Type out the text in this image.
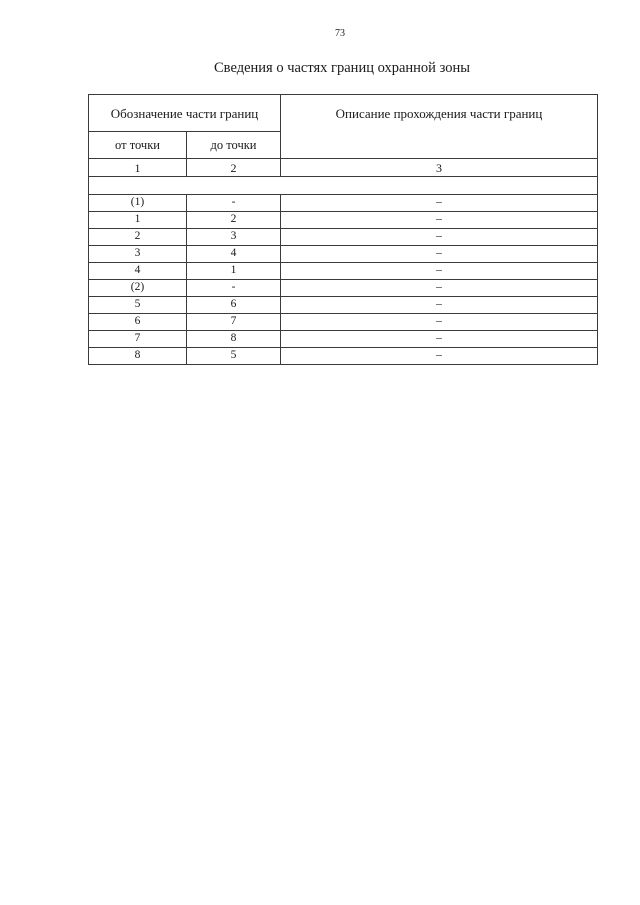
73
Сведения о частях границ охранной зоны
Обозначение части границ		Описание прохождения части границ
от точки	до точки	
1	2	3

(1)	-	–
1	2	–
2	3	–
3	4	–
4	1	–
(2)	-	–
5	6	–
6	7	–
7	8	–
8	5	–
